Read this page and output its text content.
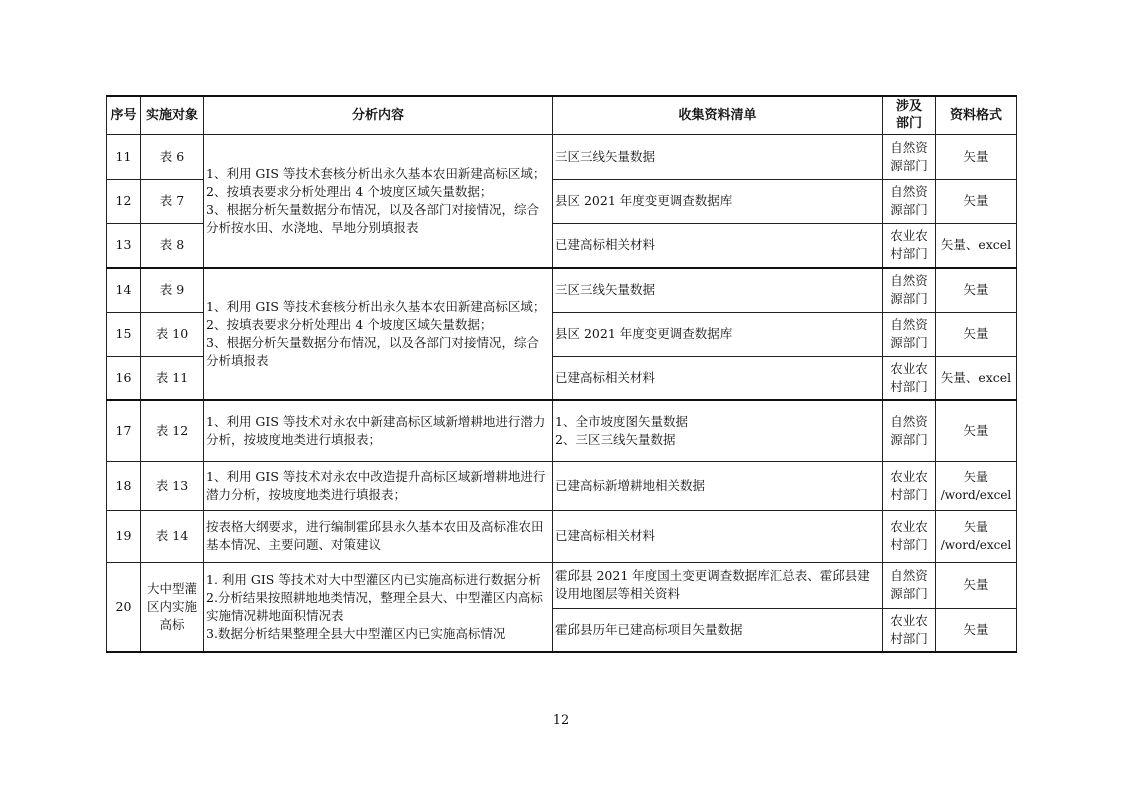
序号	实施对象	分析内容	收集资料清单	涉及部门	资料格式
11	表 6	1、利用 GIS 等技术套核分析出永久基本农田新建高标区域；
2、按填表要求分析处理出 4 个坡度区域矢量数据；
3、根据分析矢量数据分布情况，以及各部门对接情况，综合分析按水田、水浇地、旱地分别填报表	三区三线矢量数据	自然资源部门	矢量
12	表 7		县区 2021 年度变更调查数据库	自然资源部门	矢量
13	表 8		已建高标相关材料	农业农村部门	矢量、excel
14	表 9	1、利用 GIS 等技术套核分析出永久基本农田新建高标区域；
2、按填表要求分析处理出 4 个坡度区域矢量数据；
3、根据分析矢量数据分布情况，以及各部门对接情况，综合分析填报表	三区三线矢量数据	自然资源部门	矢量
15	表 10		县区 2021 年度变更调查数据库	自然资源部门	矢量
16	表 11		已建高标相关材料	农业农村部门	矢量、excel
17	表 12	1、利用 GIS 等技术对永农中新建高标区域新增耕地进行潜力分析，按坡度地类进行填报表；	1、全市坡度图矢量数据
2、三区三线矢量数据	自然资源部门	矢量
18	表 13	1、利用 GIS 等技术对永农中改造提升高标区域新增耕地进行潜力分析，按坡度地类进行填报表；	已建高标新增耕地相关数据	农业农村部门	矢量
/word/excel
19	表 14	按表格大纲要求，进行编制霍邱县永久基本农田及高标准农田基本情况、主要问题、对策建议	已建高标相关材料	农业农村部门	矢量
/word/excel
20	大中型灌区内实施高标	1. 利用 GIS 等技术对大中型灌区内已实施高标进行数据分析
2.分析结果按照耕地地类情况，整理全县大、中型灌区内高标实施情况耕地面积情况表
3.数据分析结果整理全县大中型灌区内已实施高标情况	霍邱县 2021 年度国土变更调查数据库汇总表、霍邱县建设用地图层等相关资料	自然资源部门	矢量
			霍邱县历年已建高标项目矢量数据	农业农村部门	矢量
12
